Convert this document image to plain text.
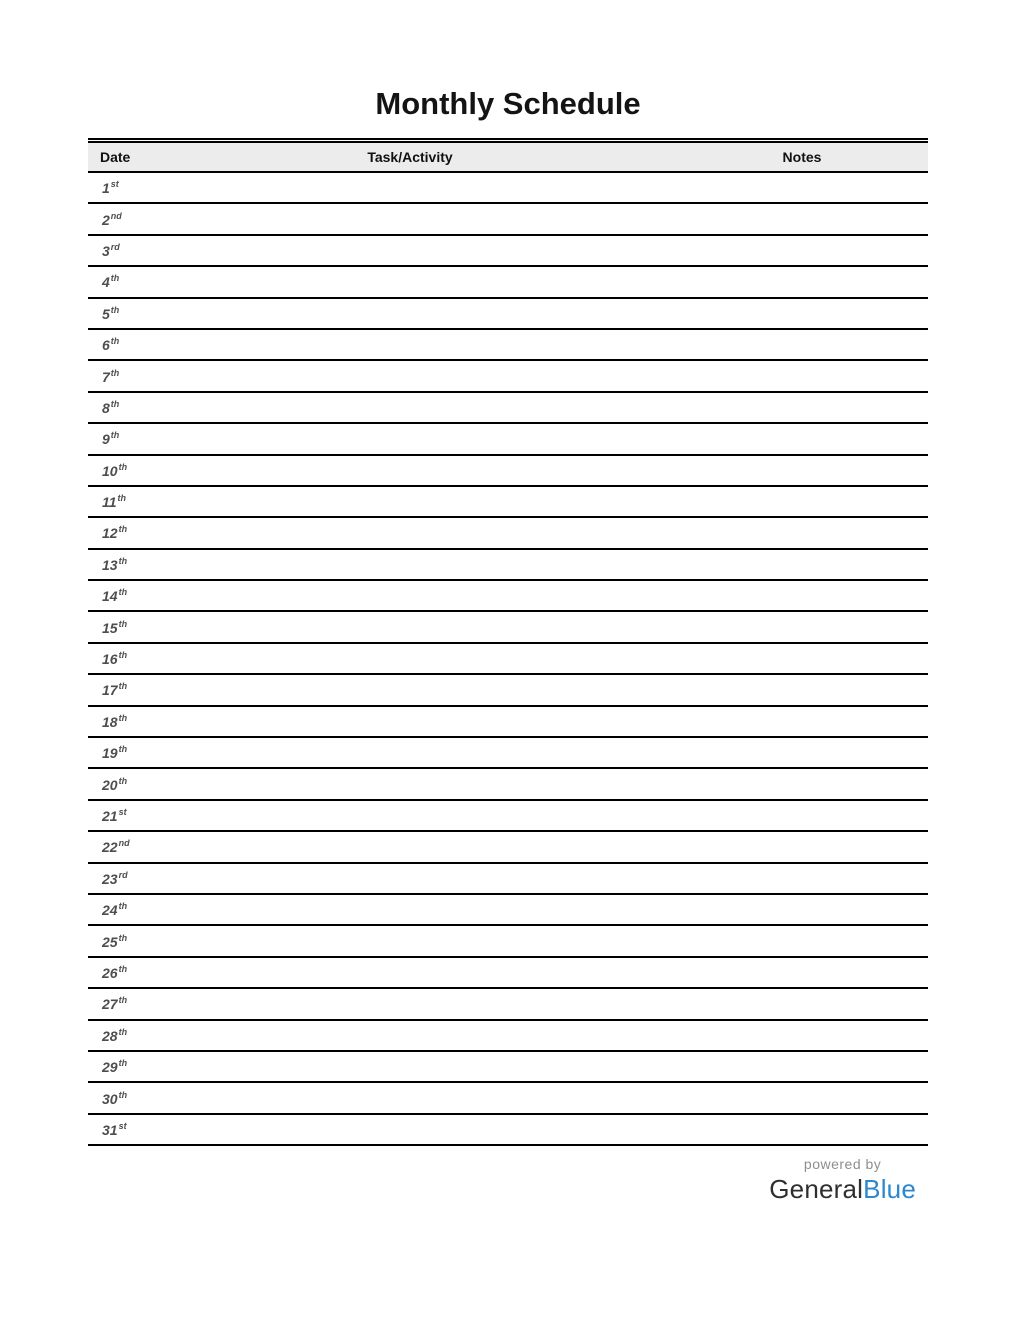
Monthly Schedule
Date	Task/Activity	Notes
1st		
2nd		
3rd		
4th		
5th		
6th		
7th		
8th		
9th		
10th		
11th		
12th		
13th		
14th		
15th		
16th		
17th		
18th		
19th		
20th		
21st		
22nd		
23rd		
24th		
25th		
26th		
27th		
28th		
29th		
30th		
31st		
powered by
GeneralBlue
